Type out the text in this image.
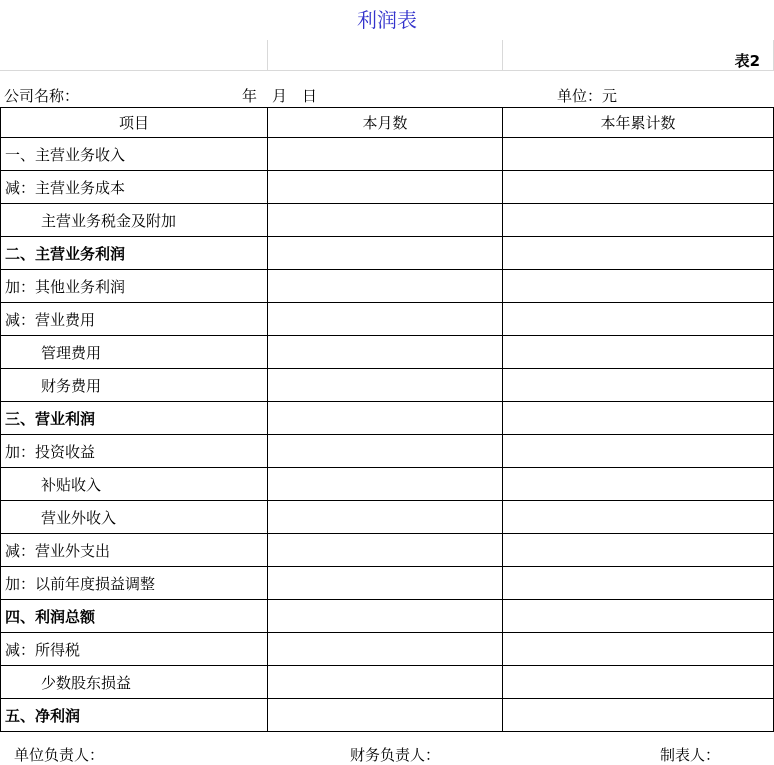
利润表
表2
公司名称：	年　月　日	单位：元
项目	本月数	本年累计数
一、主营业务收入		
减：主营业务成本		
主营业务税金及附加		
二、主营业务利润		
加：其他业务利润		
减：营业费用		
管理费用		
财务费用		
三、营业利润		
加：投资收益		
补贴收入		
营业外收入		
减：营业外支出		
加：以前年度损益调整		
四、利润总额		
减：所得税		
少数股东损益		
五、净利润		
单位负责人：	财务负责人：	制表人：
